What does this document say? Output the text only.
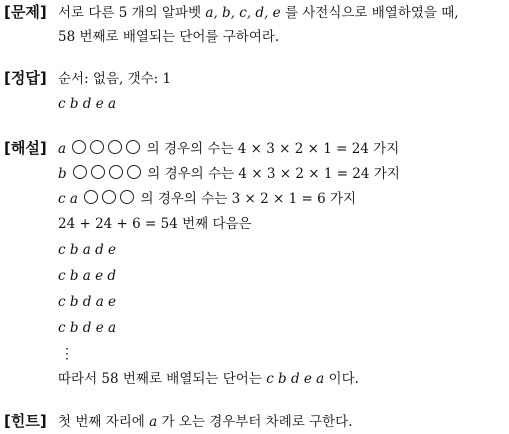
[문제] 서로 다른 5 개의 알파벳 a, b, c, d, e 를 사전식으로 배열하였을 때,
58 번째로 배열되는 단어를 구하여라.
[정답] 순서: 없음, 갯수: 1
c b d e a
[해설] a	의 경우의 수는 4 × 3 × 2 × 1 = 24 가지
b	의 경우의 수는 4 × 3 × 2 × 1 = 24 가지
c a	의 경우의 수는 3 × 2 × 1 = 6 가지
24 + 24 + 6 = 54 번째 다음은
c b a d e
c b a e d
c b d a e
c b d e a
⋮
따라서 58 번째로 배열되는 단어는 c b d e a 이다.
[힌트] 첫 번째 자리에 a 가 오는 경우부터 차례로 구한다.
